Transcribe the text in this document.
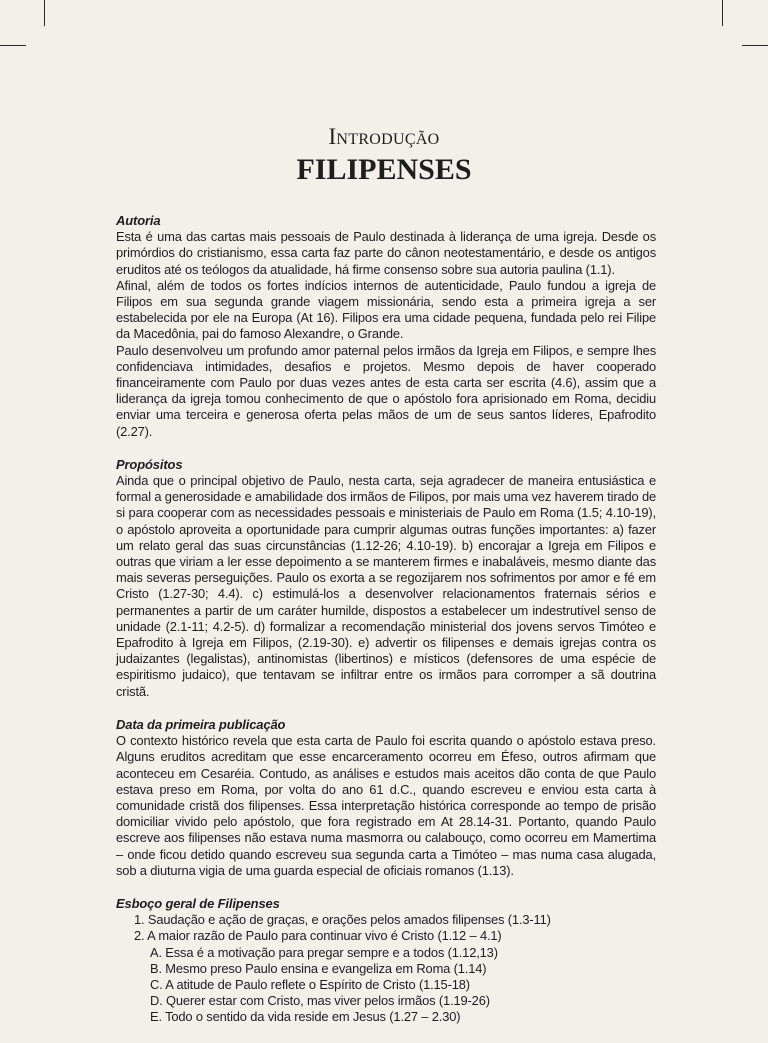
Introdução

FILIPENSES

Autoria

Esta é uma das cartas mais pessoais de Paulo destinada à liderança de uma igreja. Desde os primórdios do cristianismo, essa carta faz parte do cânon neotestamentário, e desde os antigos eruditos até os teólogos da atualidade, há firme consenso sobre sua autoria paulina (1.1).

Afinal, além de todos os fortes indícios internos de autenticidade, Paulo fundou a igreja de Filipos em sua segunda grande viagem missionária, sendo esta a primeira igreja a ser estabelecida por ele na Europa (At 16). Filipos era uma cidade pequena, fundada pelo rei Filipe da Macedônia, pai do famoso Alexandre, o Grande.

Paulo desenvolveu um profundo amor paternal pelos irmãos da Igreja em Filipos, e sempre lhes confidenciava intimidades, desafios e projetos. Mesmo depois de haver cooperado financeiramente com Paulo por duas vezes antes de esta carta ser escrita (4.6), assim que a liderança da igreja tomou conhecimento de que o apóstolo fora aprisionado em Roma, decidiu enviar uma terceira e generosa oferta pelas mãos de um de seus santos líderes, Epafrodito (2.27).

Propósitos

Ainda que o principal objetivo de Paulo, nesta carta, seja agradecer de maneira entusiástica e formal a generosidade e amabilidade dos irmãos de Filipos, por mais uma vez haverem tirado de si para cooperar com as necessidades pessoais e ministeriais de Paulo em Roma (1.5; 4.10-19), o apóstolo aproveita a oportunidade para cumprir algumas outras funções importantes: a) fazer um relato geral das suas circunstâncias (1.12-26; 4.10-19). b) encorajar a Igreja em Filipos e outras que viriam a ler esse depoimento a se manterem firmes e inabaláveis, mesmo diante das mais severas perseguições. Paulo os exorta a se regozijarem nos sofrimentos por amor e fé em Cristo (1.27-30; 4.4). c) estimulá-los a desenvolver relacionamentos fraternais sérios e permanentes a partir de um caráter humilde, dispostos a estabelecer um indestrutível senso de unidade (2.1-11; 4.2-5). d) formalizar a recomendação ministerial dos jovens servos Timóteo e Epafrodito à Igreja em Filipos, (2.19-30). e) advertir os filipenses e demais igrejas contra os judaizantes (legalistas), antinomistas (libertinos) e místicos (defensores de uma espécie de espiritismo judaico), que tentavam se infiltrar entre os irmãos para corromper a sã doutrina cristã.

Data da primeira publicação

O contexto histórico revela que esta carta de Paulo foi escrita quando o apóstolo estava preso. Alguns eruditos acreditam que esse encarceramento ocorreu em Éfeso, outros afirmam que aconteceu em Cesaréia. Contudo, as análises e estudos mais aceitos dão conta de que Paulo estava preso em Roma, por volta do ano 61 d.C., quando escreveu e enviou esta carta à comunidade cristã dos filipenses. Essa interpretação histórica corresponde ao tempo de prisão domiciliar vivido pelo apóstolo, que fora registrado em At 28.14-31. Portanto, quando Paulo escreve aos filipenses não estava numa masmorra ou calabouço, como ocorreu em Mamertima – onde ficou detido quando escreveu sua segunda carta a Timóteo – mas numa casa alugada, sob a diuturna vigia de uma guarda especial de oficiais romanos (1.13).

Esboço geral de Filipenses

1. Saudação e ação de graças, e orações pelos amados filipenses (1.3-11)

2. A maior razão de Paulo para continuar vivo é Cristo (1.12 – 4.1)

A. Essa é a motivação para pregar sempre e a todos (1.12,13)

B. Mesmo preso Paulo ensina e evangeliza em Roma (1.14)

C. A atitude de Paulo reflete o Espírito de Cristo (1.15-18)

D. Querer estar com Cristo, mas viver pelos irmãos (1.19-26)

E. Todo o sentido da vida reside em Jesus (1.27 – 2.30)
